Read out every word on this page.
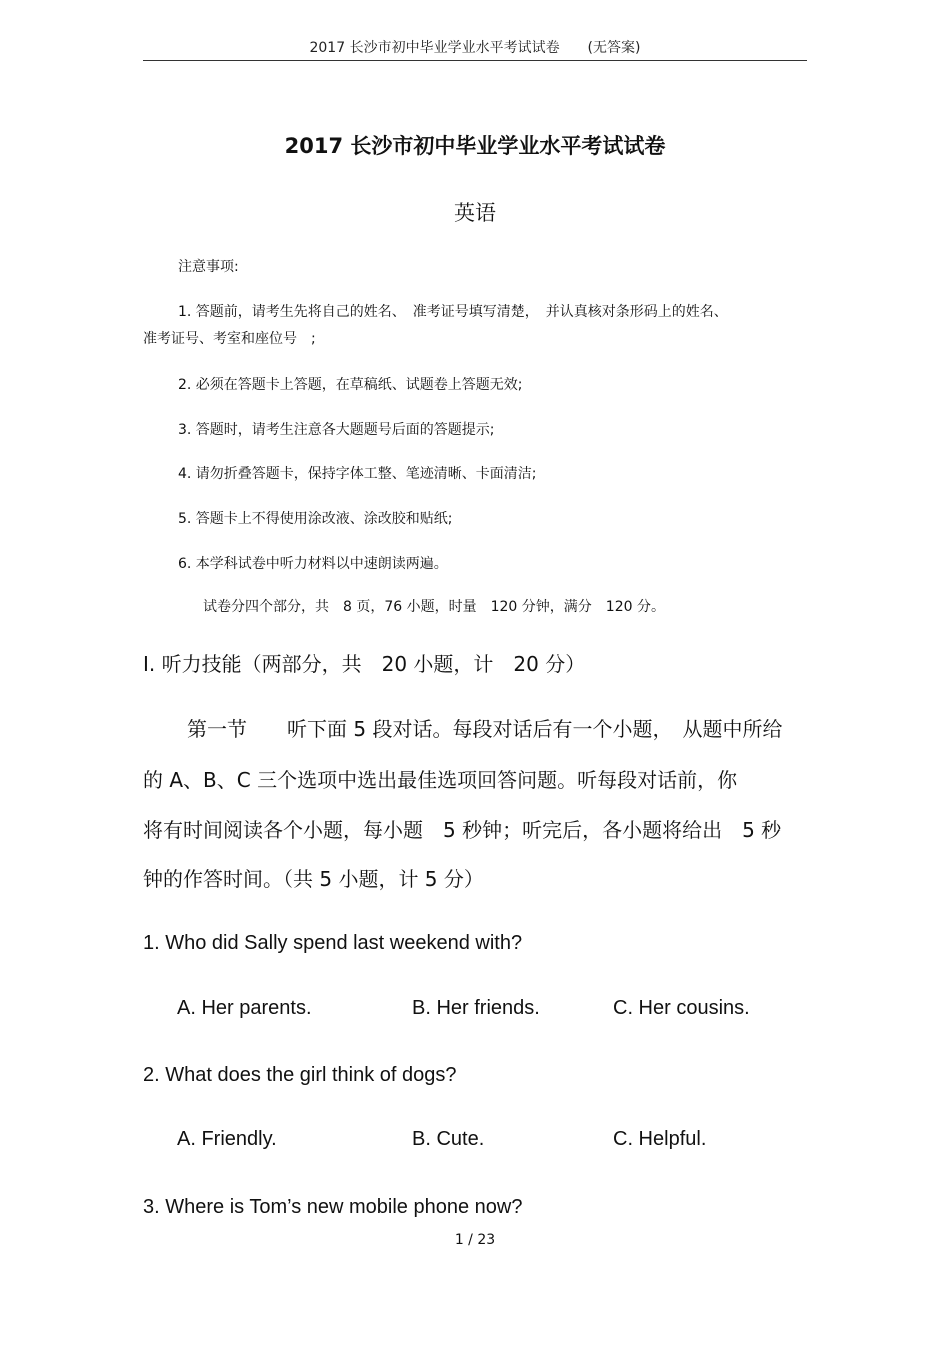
2017 长沙市初中毕业学业水平考试试卷　　(无答案)
2017 长沙市初中毕业学业水平考试试卷
英语
注意事项:
1. 答题前，请考生先将自己的姓名、　准考证号填写清楚，　并认真核对条形码上的姓名、
准考证号、考室和座位号　;
2. 必须在答题卡上答题，在草稿纸、试题卷上答题无效;
3. 答题时，请考生注意各大题题号后面的答题提示;
4. 请勿折叠答题卡，保持字体工整、笔迹清晰、卡面清洁;
5. 答题卡上不得使用涂改液、涂改胶和贴纸;
6. 本学科试卷中听力材料以中速朗读两遍。
试卷分四个部分，共　8 页，76 小题，时量　120 分钟，满分　120 分。
Ⅰ. 听力技能（两部分，共　20 小题，计　20 分）
第一节　　听下面 5 段对话。每段对话后有一个小题，　从题中所给
的 A、B、C 三个选项中选出最佳选项回答问题。听每段对话前，你
将有时间阅读各个小题，每小题　5 秒钟；听完后，各小题将给出　5 秒
钟的作答时间。（共 5 小题，计 5 分）
1. Who did Sally spend last weekend with?
A. Her parents.	B. Her friends.	C. Her cousins.
2. What does the girl think of dogs?
A. Friendly.	B. Cute.	C. Helpful.
3. Where is Tom’s new mobile phone now?
1 / 23
